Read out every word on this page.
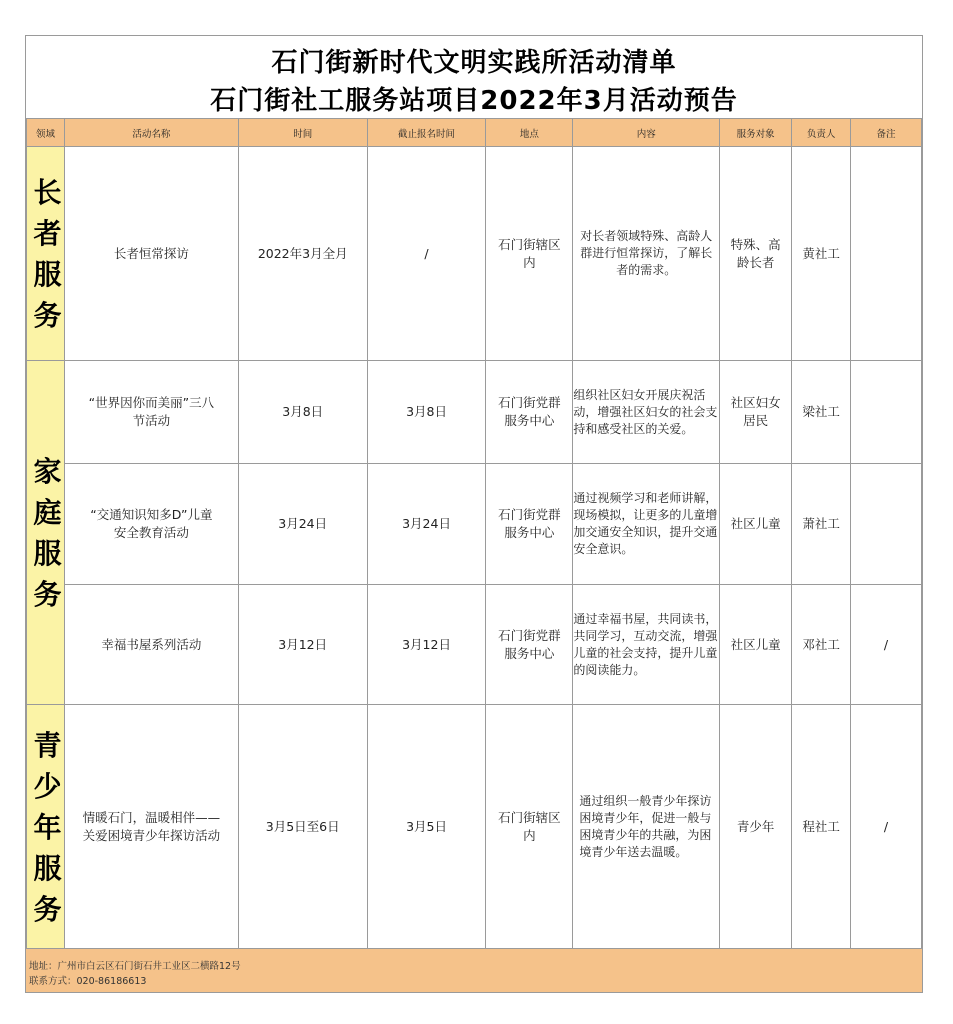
石门街新时代文明实践所活动清单
石门街社工服务站项目2022年3月活动预告
领域	活动名称	时间	截止报名时间	地点	内容	服务对象	负责人	备注

长者服务	长者恒常探访	2022年3月全月	/	石门街辖区内	对长者领域特殊、高龄人群进行恒常探访，了解长者的需求。	特殊、高龄长者	黄社工	

家庭服务	“世界因你而美丽”三八节活动	3月8日	3月8日	石门街党群服务中心	组织社区妇女开展庆祝活动，增强社区妇女的社会支持和感受社区的关爱。	社区妇女居民	梁社工	
	“交通知识知多D”儿童安全教育活动	3月24日	3月24日	石门街党群服务中心	通过视频学习和老师讲解，现场模拟，让更多的儿童增加交通安全知识，提升交通安全意识。	社区儿童	萧社工	
	幸福书屋系列活动	3月12日	3月12日	石门街党群服务中心	通过幸福书屋，共同读书，共同学习，互动交流，增强儿童的社会支持，提升儿童的阅读能力。	社区儿童	邓社工	/

青少年服务	情暖石门，温暖相伴——关爱困境青少年探访活动	3月5日至6日	3月5日	石门街辖区内	通过组织一般青少年探访困境青少年，促进一般与困境青少年的共融，为困境青少年送去温暖。	青少年	程社工	/
地址：广州市白云区石门街石井工业区二横路12号
联系方式：020-86186613
